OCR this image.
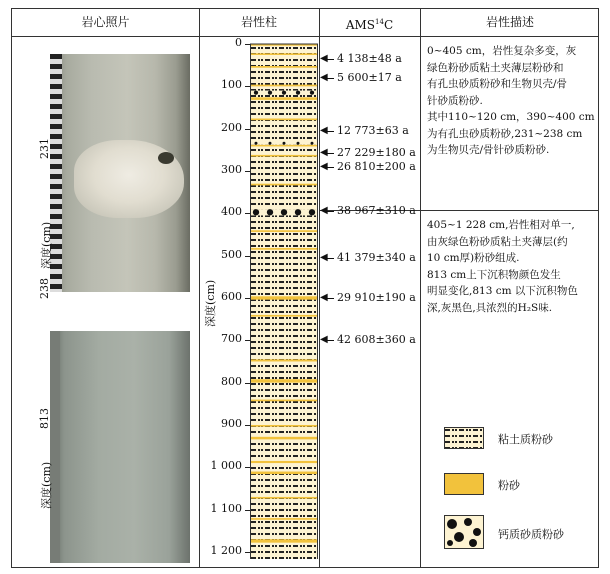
岩心照片	岩性柱	AMS$^{14}$C	岩性描述
深度(cm)
231
238
813
深度(cm)
0
100
200
300
400
500
600
700
800
900
1 000
1 100
1 200
深度(cm)
◀ 4 138±48 a
◀ 5 600±17 a
◀ 12 773±63 a
◀ 27 229±180 a
◀ 26 810±200 a
◀ 38 967±310 a
◀ 41 379±340 a
◀ 29 910±190 a
◀ 42 608±360 a
0~405 cm，岩性复杂多变，灰
绿色粉砂质粘土夹薄层粉砂和
有孔虫砂质粉砂和生物贝壳/骨
针砂质粉砂.
其中110~120 cm，390~400 cm
为有孔虫砂质粉砂,231~238 cm
为生物贝壳/骨针砂质粉砂.
405~1 228 cm,岩性相对单一,
由灰绿色粉砂质粘土夹薄层(约
10 cm厚)粉砂组成.
813 cm上下沉积物颜色发生
明显变化,813 cm 以下沉积物色
深,灰黑色,具浓烈的H₂S味.
粘土质粉砂
粉砂
钙质砂质粉砂
